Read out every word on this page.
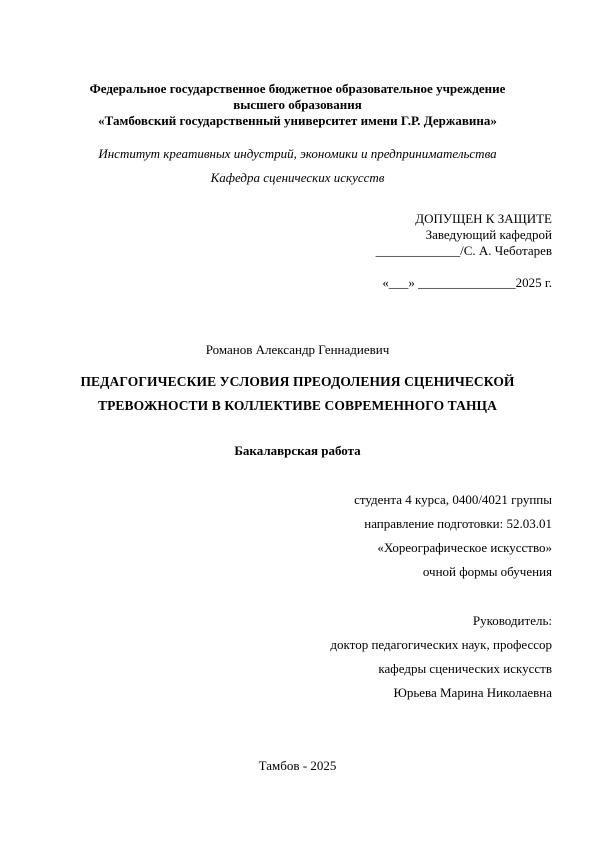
Федеральное государственное бюджетное образовательное учреждение
высшего образования
«Тамбовский государственный университет имени Г.Р. Державина»
Институт креативных индустрий, экономики и предпринимательства
Кафедра сценических искусств
ДОПУЩЕН К ЗАЩИТЕ
Заведующий кафедрой
_____________/С. А. Чеботарев
«___» _______________2025 г.
Романов Александр Геннадиевич
ПЕДАГОГИЧЕСКИЕ УСЛОВИЯ ПРЕОДОЛЕНИЯ СЦЕНИЧЕСКОЙ
ТРЕВОЖНОСТИ В КОЛЛЕКТИВЕ СОВРЕМЕННОГО ТАНЦА
Бакалаврская работа
студента 4 курса, 0400/4021 группы
направление подготовки: 52.03.01
«Хореографическое искусство»
очной формы обучения
Руководитель:
доктор педагогических наук, профессор
кафедры сценических искусств
Юрьева Марина Николаевна
Тамбов - 2025
